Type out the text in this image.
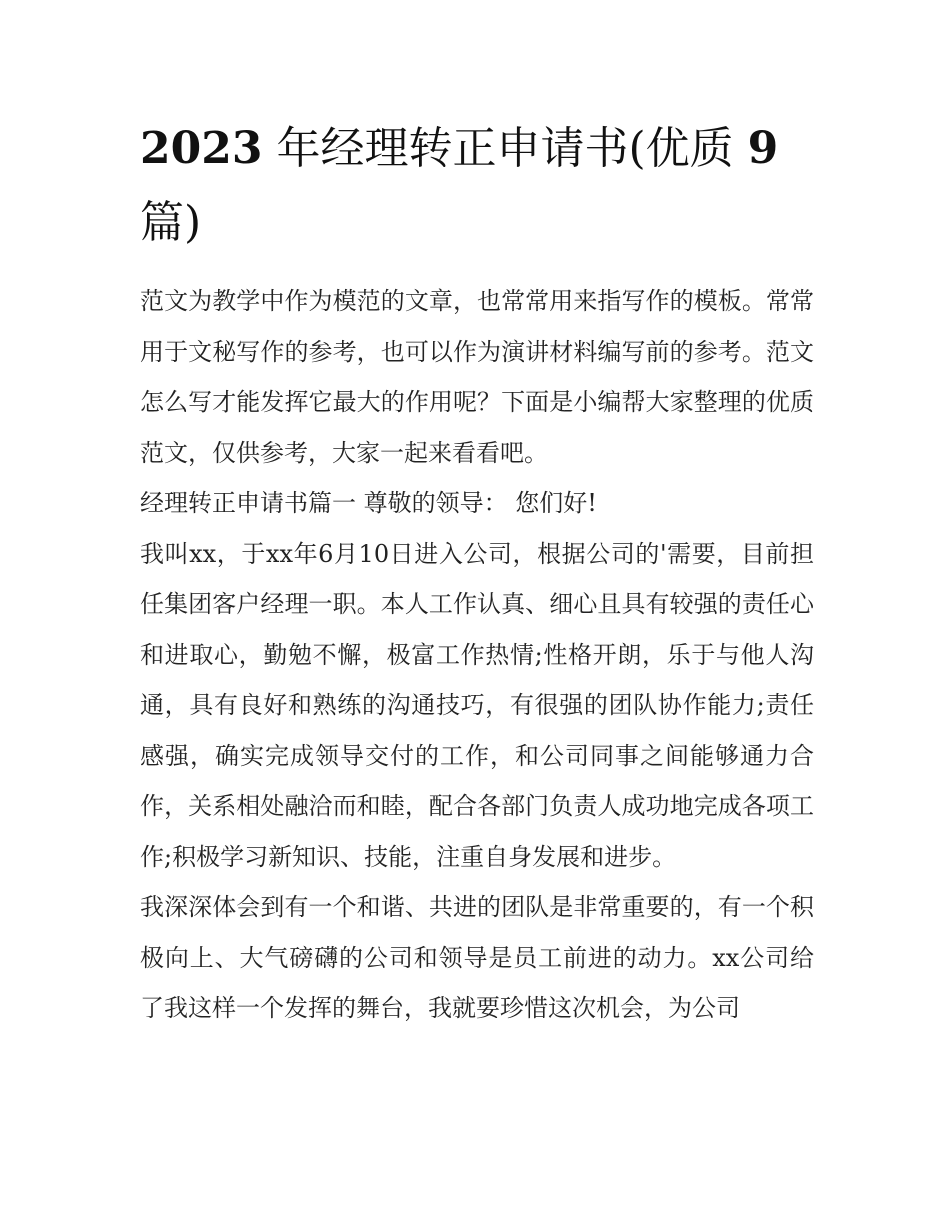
2023 年经理转正申请书(优质 9 篇)

范文为教学中作为模范的文章，也常常用来指写作的模板。常常用于文秘写作的参考，也可以作为演讲材料编写前的参考。范文怎么写才能发挥它最大的作用呢？下面是小编帮大家整理的优质范文，仅供参考，大家一起来看看吧。

经理转正申请书篇一 尊敬的领导： 您们好!

我叫xx，于xx年6月10日进入公司，根据公司的'需要，目前担任集团客户经理一职。本人工作认真、细心且具有较强的责任心和进取心，勤勉不懈，极富工作热情;性格开朗，乐于与他人沟通，具有良好和熟练的沟通技巧，有很强的团队协作能力;责任感强，确实完成领导交付的工作，和公司同事之间能够通力合作，关系相处融洽而和睦，配合各部门负责人成功地完成各项工作;积极学习新知识、技能，注重自身发展和进步。

我深深体会到有一个和谐、共进的团队是非常重要的，有一个积极向上、大气磅礴的公司和领导是员工前进的动力。xx公司给了我这样一个发挥的舞台，我就要珍惜这次机会，为公司
